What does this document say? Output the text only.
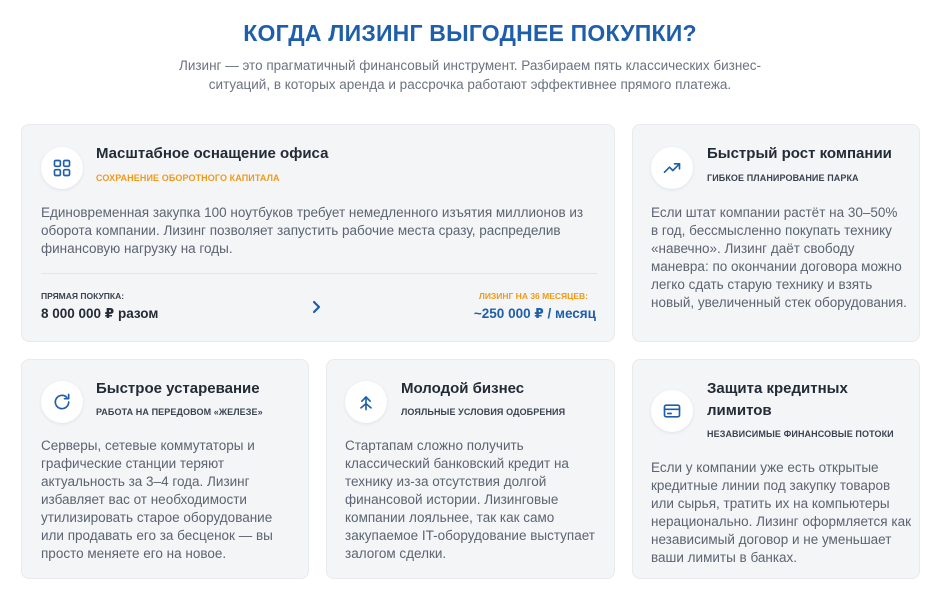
КОГДА ЛИЗИНГ ВЫГОДНЕЕ ПОКУПКИ?
Лизинг — это прагматичный финансовый инструмент. Разбираем пять классических бизнес-ситуаций, в которых аренда и рассрочка работают эффективнее прямого платежа.
Масштабное оснащение офиса
СОХРАНЕНИЕ ОБОРОТНОГО КАПИТАЛА
Единовременная закупка 100 ноутбуков требует немедленного изъятия миллионов из оборота компании. Лизинг позволяет запустить рабочие места сразу, распределив финансовую нагрузку на годы.
ПРЯМАЯ ПОКУПКА:
8 000 000 ₽ разом
ЛИЗИНГ НА 36 МЕСЯЦЕВ:
~250 000 ₽ / месяц
Быстрый рост компании
ГИБКОЕ ПЛАНИРОВАНИЕ ПАРКА
Если штат компании растёт на 30–50% в год, бессмысленно покупать технику «навечно». Лизинг даёт свободу маневра: по окончании договора можно легко сдать старую технику и взять новый, увеличенный стек оборудования.
Быстрое устаревание
РАБОТА НА ПЕРЕДОВОМ «ЖЕЛЕЗЕ»
Серверы, сетевые коммутаторы и графические станции теряют актуальность за 3–4 года. Лизинг избавляет вас от необходимости утилизировать старое оборудование или продавать его за бесценок — вы просто меняете его на новое.
Молодой бизнес
ЛОЯЛЬНЫЕ УСЛОВИЯ ОДОБРЕНИЯ
Стартапам сложно получить классический банковский кредит на технику из-за отсутствия долгой финансовой истории. Лизинговые компании лояльнее, так как само закупаемое IT-оборудование выступает залогом сделки.
Защита кредитных лимитов
НЕЗАВИСИМЫЕ ФИНАНСОВЫЕ ПОТОКИ
Если у компании уже есть открытые кредитные линии под закупку товаров или сырья, тратить их на компьютеры нерационально. Лизинг оформляется как независимый договор и не уменьшает ваши лимиты в банках.
